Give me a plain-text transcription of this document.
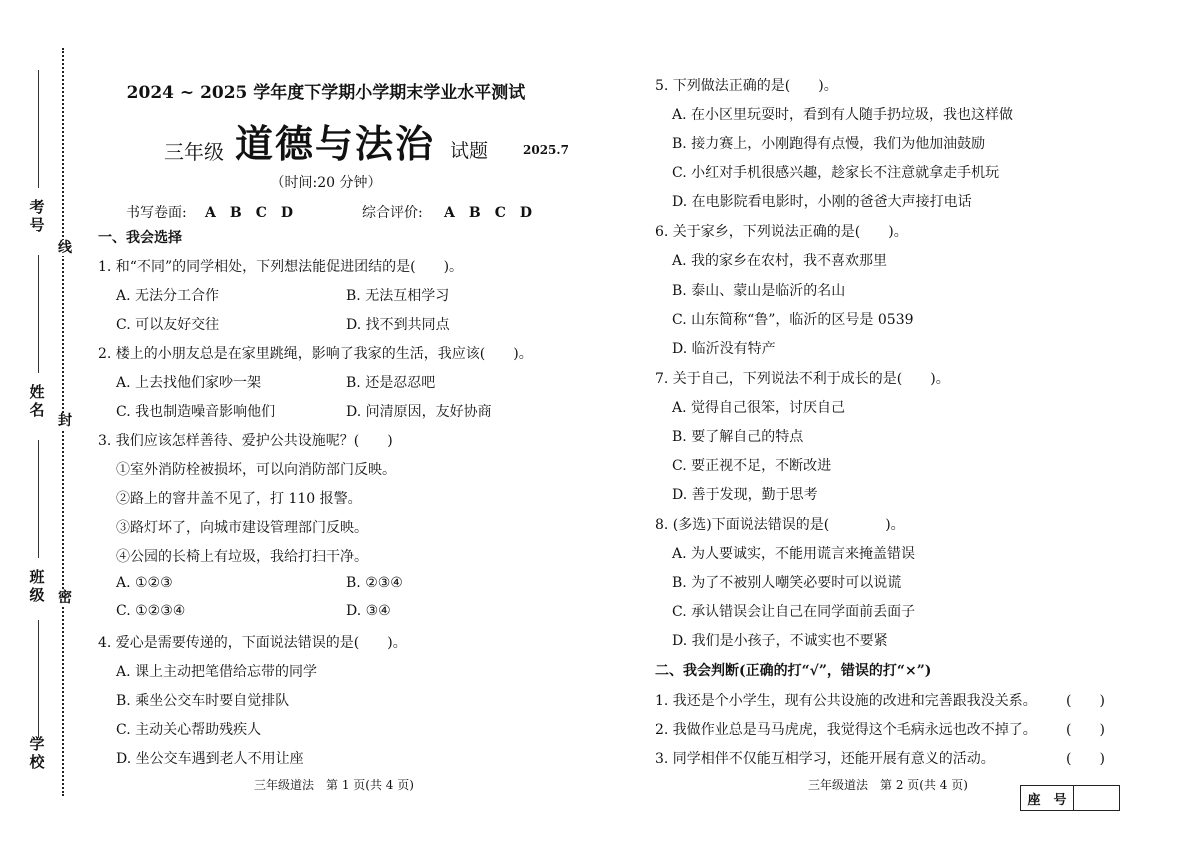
考号
姓名
班级
学校
线
封
密
2024 ~ 2025 学年度下学期小学期末学业水平测试
三年级 道德与法治 试题	2025.7
（时间:20 分钟）
书写卷面: A　B　C　D	综合评价: A　B　C　D
一、我会选择
1. 和“不同”的同学相处，下列想法能促进团结的是(　　)。
A. 无法分工合作	B. 无法互相学习
C. 可以友好交往	D. 找不到共同点
2. 楼上的小朋友总是在家里跳绳，影响了我家的生活，我应该(　　)。
A. 上去找他们家吵一架	B. 还是忍忍吧
C. 我也制造噪音影响他们	D. 问清原因，友好协商
3. 我们应该怎样善待、爱护公共设施呢？(　　)
①室外消防栓被损坏，可以向消防部门反映。
②路上的窨井盖不见了，打 110 报警。
③路灯坏了，向城市建设管理部门反映。
④公园的长椅上有垃圾，我给打扫干净。
A. ①②③	B. ②③④
C. ①②③④	D. ③④
4. 爱心是需要传递的，下面说法错误的是(　　)。
A. 课上主动把笔借给忘带的同学
B. 乘坐公交车时要自觉排队
C. 主动关心帮助残疾人
D. 坐公交车遇到老人不用让座
三年级道法　第 1 页(共 4 页)
5. 下列做法正确的是(　　)。
A. 在小区里玩耍时，看到有人随手扔垃圾，我也这样做
B. 接力赛上，小刚跑得有点慢，我们为他加油鼓励
C. 小红对手机很感兴趣，趁家长不注意就拿走手机玩
D. 在电影院看电影时，小刚的爸爸大声接打电话
6. 关于家乡，下列说法正确的是(　　)。
A. 我的家乡在农村，我不喜欢那里
B. 泰山、蒙山是临沂的名山
C. 山东简称“鲁”，临沂的区号是 0539
D. 临沂没有特产
7. 关于自己，下列说法不利于成长的是(　　)。
A. 觉得自己很笨，讨厌自己
B. 要了解自己的特点
C. 要正视不足，不断改进
D. 善于发现，勤于思考
8. (多选)下面说法错误的是(　　　　)。
A. 为人要诚实，不能用谎言来掩盖错误
B. 为了不被别人嘲笑必要时可以说谎
C. 承认错误会让自己在同学面前丢面子
D. 我们是小孩子，不诚实也不要紧
二、我会判断(正确的打“√”，错误的打“×”)
1. 我还是个小学生，现有公共设施的改进和完善跟我没关系。 (　　)
2. 我做作业总是马马虎虎，我觉得这个毛病永远也改不掉了。 (　　)
3. 同学相伴不仅能互相学习，还能开展有意义的活动。	(　　)
三年级道法　第 2 页(共 4 页)
座　号
